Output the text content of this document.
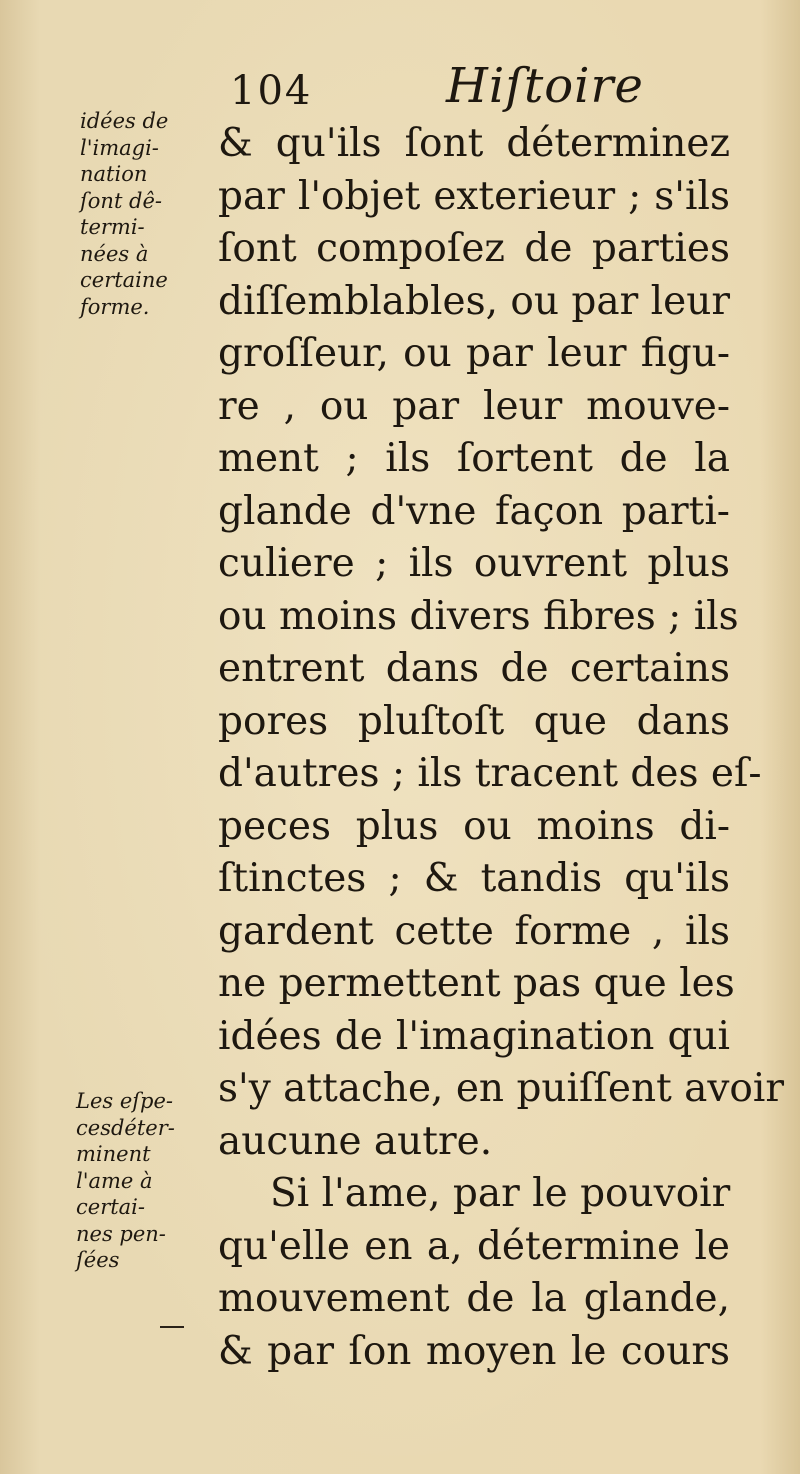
104	Hiſtoire
idées de
l'imagi-
nation
ſont dê-
termi-
nées à
certaine
forme.
Les eſpe-
cesdéter-
minent
l'ame à
certai-
nes pen-
ſées
& qu'ils ſont déterminez
par l'objet exterieur ; s'ils
ſont compoſez de parties
diſſemblables, ou par leur
groſſeur, ou par leur figu-
re , ou par leur mouve-
ment ; ils ſortent de la
glande d'vne façon parti-
culiere ; ils ouvrent plus
ou moins divers fibres ; ils
entrent dans de certains
pores pluſtoſt que dans
d'autres ; ils tracent des eſ-
peces plus ou moins di-
ſtinctes ; & tandis qu'ils
gardent cette forme , ils
ne permettent pas que les
idées de l'imagination qui
s'y attache, en puiſſent avoir
aucune autre.
Si l'ame, par le pouvoir
qu'elle en a, détermine le
mouvement de la glande,
& par ſon moyen le cours
